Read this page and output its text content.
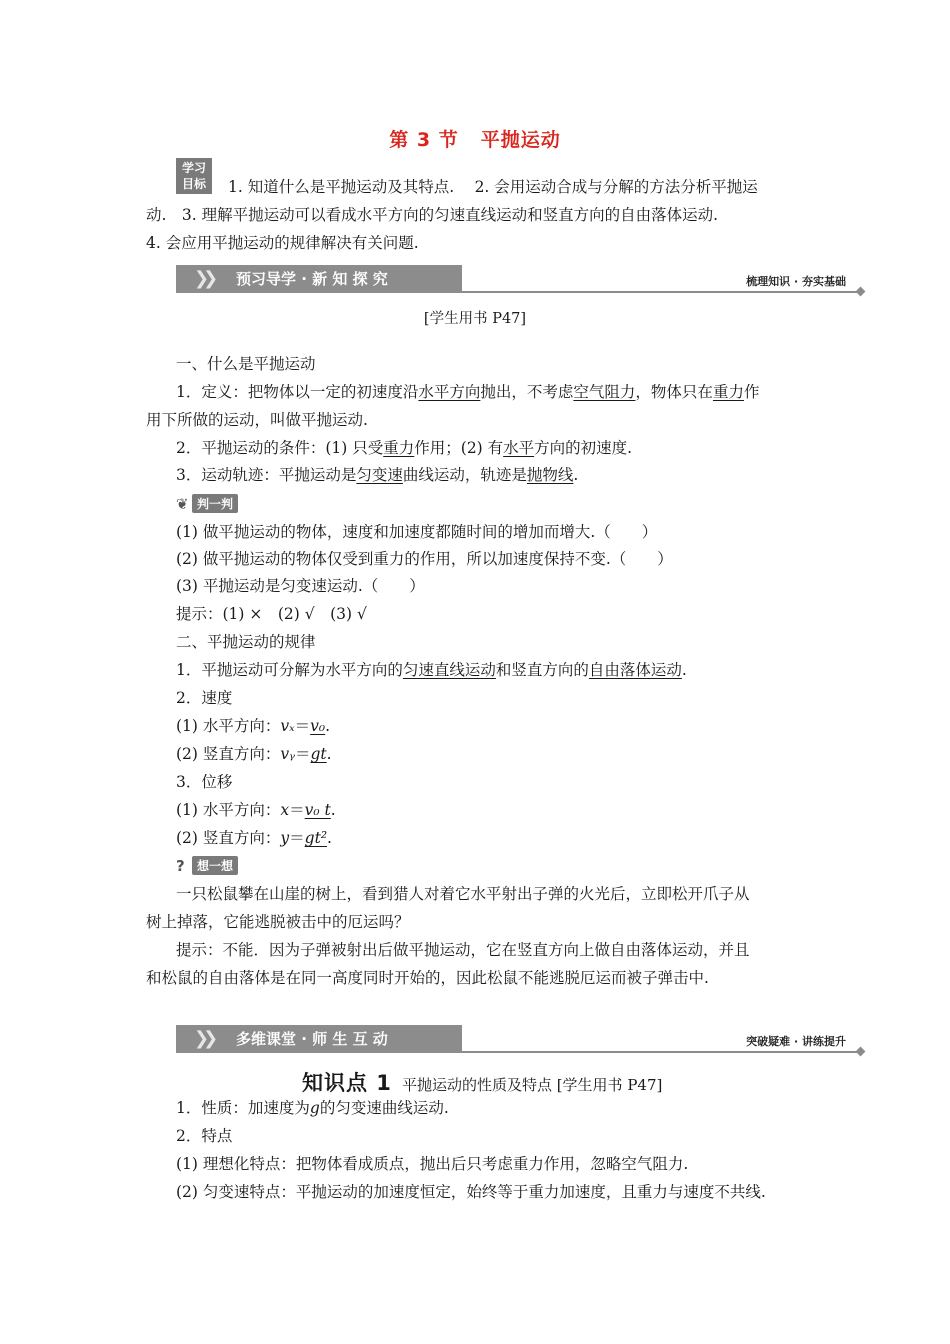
第 3 节 平抛运动
学习
目标	1. 知道什么是平抛运动及其特点.　 2. 会用运动合成与分解的方法分析平抛运
动.　3. 理解平抛运动可以看成水平方向的匀速直线运动和竖直方向的自由落体运动.
4. 会应用平抛运动的规律解决有关问题.
❯❯ 预习导学 · 新 知 探 究	梳理知识 · 夯实基础
[学生用书 P47]
一、什么是平抛运动
1．定义：把物体以一定的初速度沿水平方向抛出，不考虑空气阻力，物体只在重力作
用下所做的运动，叫做平抛运动.
2．平抛运动的条件：(1) 只受重力作用；(2) 有水平方向的初速度.
3．运动轨迹：平抛运动是匀变速曲线运动，轨迹是抛物线.
❦ 判一判
(1) 做平抛运动的物体，速度和加速度都随时间的增加而增大.（　　）
(2) 做平抛运动的物体仅受到重力的作用，所以加速度保持不变.（　　）
(3) 平抛运动是匀变速运动.（　　）
提示：(1) ×　(2) √　(3) √
二、平抛运动的规律
1．平抛运动可分解为水平方向的匀速直线运动和竖直方向的自由落体运动.
2．速度
(1) 水平方向：vₓ＝v₀.
(2) 竖直方向：vᵧ＝gt.
3．位移
(1) 水平方向：x＝v₀ t.
(2) 竖直方向：y＝gt².
? 想一想
一只松鼠攀在山崖的树上，看到猎人对着它水平射出子弹的火光后，立即松开爪子从
树上掉落，它能逃脱被击中的厄运吗？
提示：不能．因为子弹被射出后做平抛运动，它在竖直方向上做自由落体运动，并且
和松鼠的自由落体是在同一高度同时开始的，因此松鼠不能逃脱厄运而被子弹击中.
❯❯ 多维课堂 · 师 生 互 动	突破疑难 · 讲练提升
知识点 1 平抛运动的性质及特点 [学生用书 P47]
1．性质：加速度为g的匀变速曲线运动.
2．特点
(1) 理想化特点：把物体看成质点，抛出后只考虑重力作用，忽略空气阻力.
(2) 匀变速特点：平抛运动的加速度恒定，始终等于重力加速度，且重力与速度不共线.
